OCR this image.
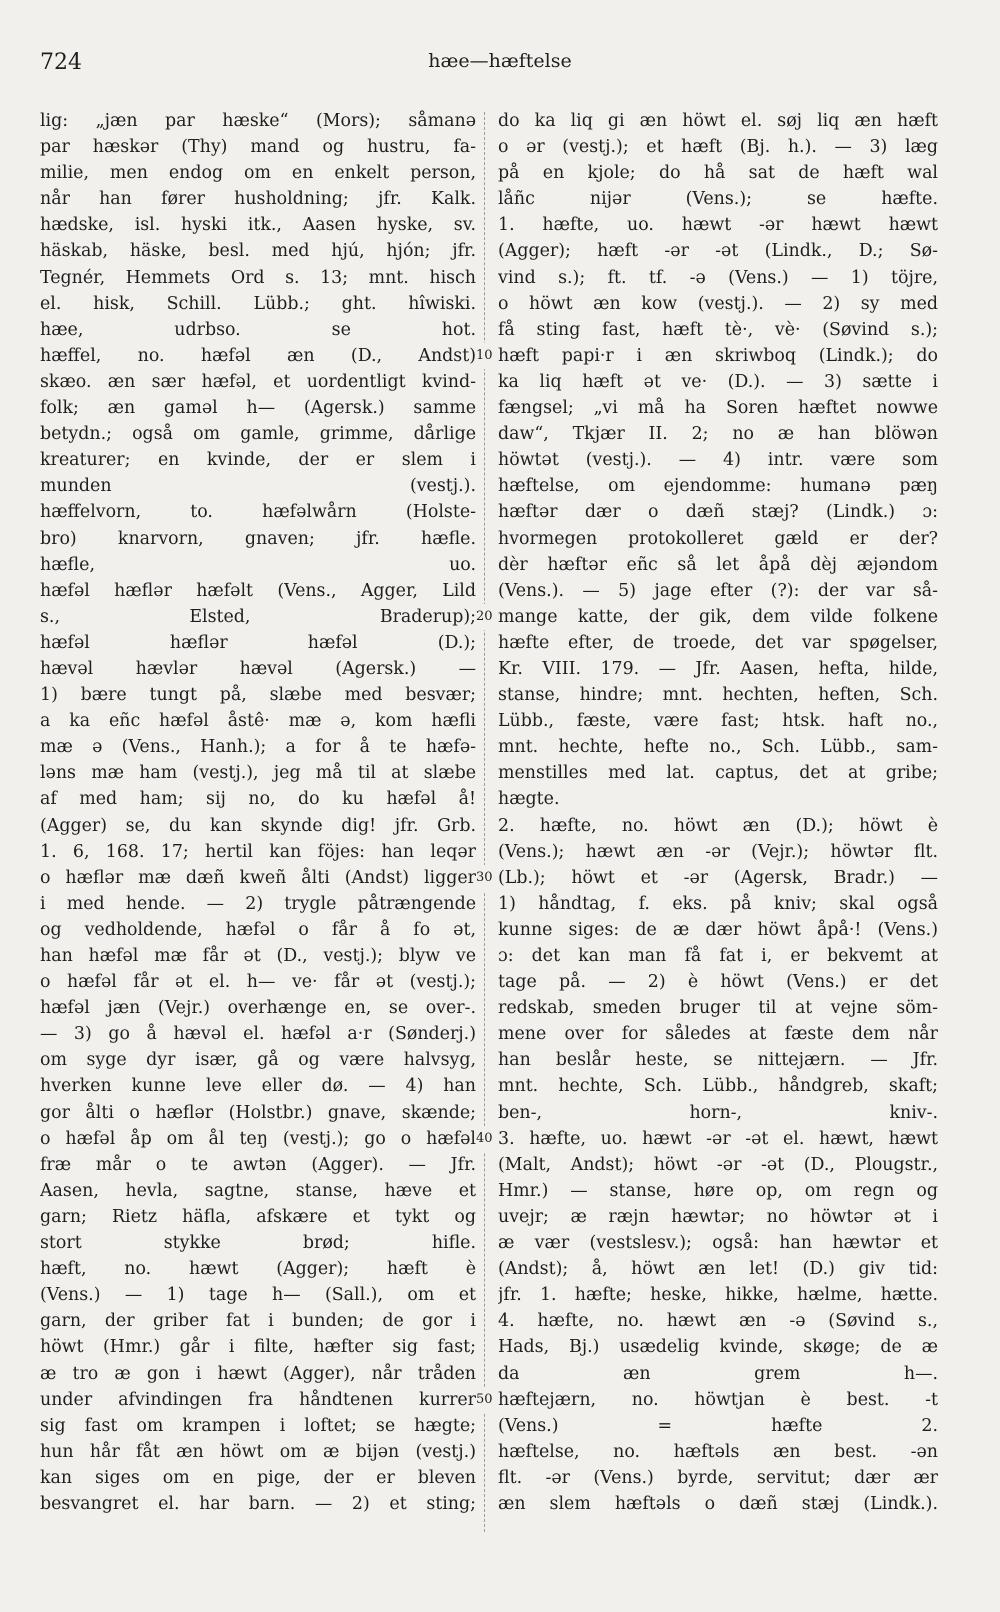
724	hæe—hæftelse
lig: „jæn par hæske“ (Mors); såmanə
par hæskər (Thy) mand og hustru, fa-
milie, men endog om en enkelt person,
når han fører husholdning; jfr. Kalk.
hædske, isl. hyski itk., Aasen hyske, sv.
häskab, häske, besl. med hjú, hjón; jfr.
Tegnér, Hemmets Ord s. 13; mnt. hisch
el. hisk, Schill. Lübb.; ght. hîwiski.
hæe, udrbso. se hot.
hæffel, no. hæfəl æn (D., Andst)
skæo. æn sær hæfəl, et uordentligt kvind-
folk; æn gaməl h— (Agersk.) samme
betydn.; også om gamle, grimme, dårlige
kreaturer; en kvinde, der er slem i
munden (vestj.).
hæffelvorn, to. hæfəlwårn (Holste-
bro) knarvorn, gnaven; jfr. hæfle.
hæfle, uo.
hæfəl hæflər hæfəlt (Vens., Agger, Lild
s., Elsted, Braderup);
hæfəl hæflər hæfəl (D.);
hævəl hævlər hævəl (Agersk.) —
1) bære tungt på, slæbe med besvær;
a ka eñc hæfəl åstê· mæ ə, kom hæfli
mæ ə (Vens., Hanh.); a for å te hæfə-
ləns mæ ham (vestj.), jeg må til at slæbe
af med ham; sij no, do ku hæfəl å!
(Agger) se, du kan skynde dig! jfr. Grb.
1. 6, 168. 17; hertil kan föjes: han leqər
o hæflər mæ dæñ kweñ ålti (Andst) ligger
i med hende. — 2) trygle påtrængende
og vedholdende, hæfəl o får å fo ət,
han hæfəl mæ får ət (D., vestj.); blyw ve
o hæfəl får ət el. h— ve· får ət (vestj.);
hæfəl jæn (Vejr.) overhænge en, se over-.
— 3) go å hævəl el. hæfəl a·r (Sønderj.)
om syge dyr især, gå og være halvsyg,
hverken kunne leve eller dø. — 4) han
gor ålti o hæflər (Holstbr.) gnave, skænde;
o hæfəl åp om ål teŋ (vestj.); go o hæfəl
fræ mår o te awtən (Agger). — Jfr.
Aasen, hevla, sagtne, stanse, hæve et
garn; Rietz häfla, afskære et tykt og
stort stykke brød; hifle.
hæft, no. hæwt (Agger); hæft è
(Vens.) — 1) tage h— (Sall.), om et
garn, der griber fat i bunden; de gor i
höwt (Hmr.) går i filte, hæfter sig fast;
æ tro æ gon i hæwt (Agger), når tråden
under afvindingen fra håndtenen kurrer
sig fast om krampen i loftet; se hægte;
hun hår fåt æn höwt om æ bijən (vestj.)
kan siges om en pige, der er bleven
besvangret el. har barn. — 2) et sting;
do ka liq gi æn höwt el. søj liq æn hæft
o ər (vestj.); et hæft (Bj. h.). — 3) læg
på en kjole; do hå sat de hæft wal
låñc nijər (Vens.); se hæfte.
1. hæfte, uo. hæwt -ər hæwt hæwt
(Agger); hæft -ər -ət (Lindk., D.; Sø-
vind s.); ft. tf. -ə (Vens.) — 1) töjre,
o höwt æn kow (vestj.). — 2) sy med
få sting fast, hæft tè·, vè· (Søvind s.);
hæft papi·r i æn skriwboq (Lindk.); do
ka liq hæft ət ve· (D.). — 3) sætte i
fængsel; „vi må ha Soren hæftet nowwe
daw“, Tkjær II. 2; no æ han blöwən
höwtət (vestj.). — 4) intr. være som
hæftelse, om ejendomme: humanə pæŋ
hæftər dær o dæñ stæj? (Lindk.) ɔ:
hvormegen protokolleret gæld er der?
dèr hæftər eñc så let åpå dèj æjəndom
(Vens.). — 5) jage efter (?): der var så-
mange katte, der gik, dem vilde folkene
hæfte efter, de troede, det var spøgelser,
Kr. VIII. 179. — Jfr. Aasen, hefta, hilde,
stanse, hindre; mnt. hechten, heften, Sch.
Lübb., fæste, være fast; htsk. haft no.,
mnt. hechte, hefte no., Sch. Lübb., sam-
menstilles med lat. captus, det at gribe;
hægte.
2. hæfte, no. höwt æn (D.); höwt è
(Vens.); hæwt æn -ər (Vejr.); höwtər flt.
(Lb.); höwt et -ər (Agersk, Bradr.) —
1) håndtag, f. eks. på kniv; skal også
kunne siges: de æ dær höwt åpå·! (Vens.)
ɔ: det kan man få fat i, er bekvemt at
tage på. — 2) è höwt (Vens.) er det
redskab, smeden bruger til at vejne söm-
mene over for således at fæste dem når
han beslår heste, se nittejærn. — Jfr.
mnt. hechte, Sch. Lübb., håndgreb, skaft;
ben-, horn-, kniv-.
3. hæfte, uo. hæwt -ər -ət el. hæwt, hæwt
(Malt, Andst); höwt -ər -ət (D., Plougstr.,
Hmr.) — stanse, høre op, om regn og
uvejr; æ ræjn hæwtər; no höwtər ət i
æ vær (vestslesv.); også: han hæwtər et
(Andst); å, höwt æn let! (D.) giv tid:
jfr. 1. hæfte; heske, hikke, hælme, hætte.
4. hæfte, no. hæwt æn -ə (Søvind s.,
Hads, Bj.) usædelig kvinde, skøge; de æ
da æn grem h—.
hæftejærn, no. höwtjan è best. -t
(Vens.) = hæfte 2.
hæftelse, no. hæftəls æn best. -ən
flt. -ər (Vens.) byrde, servitut; dær ær
æn slem hæftəls o dæñ stæj (Lindk.).
10
20
30
40
50
